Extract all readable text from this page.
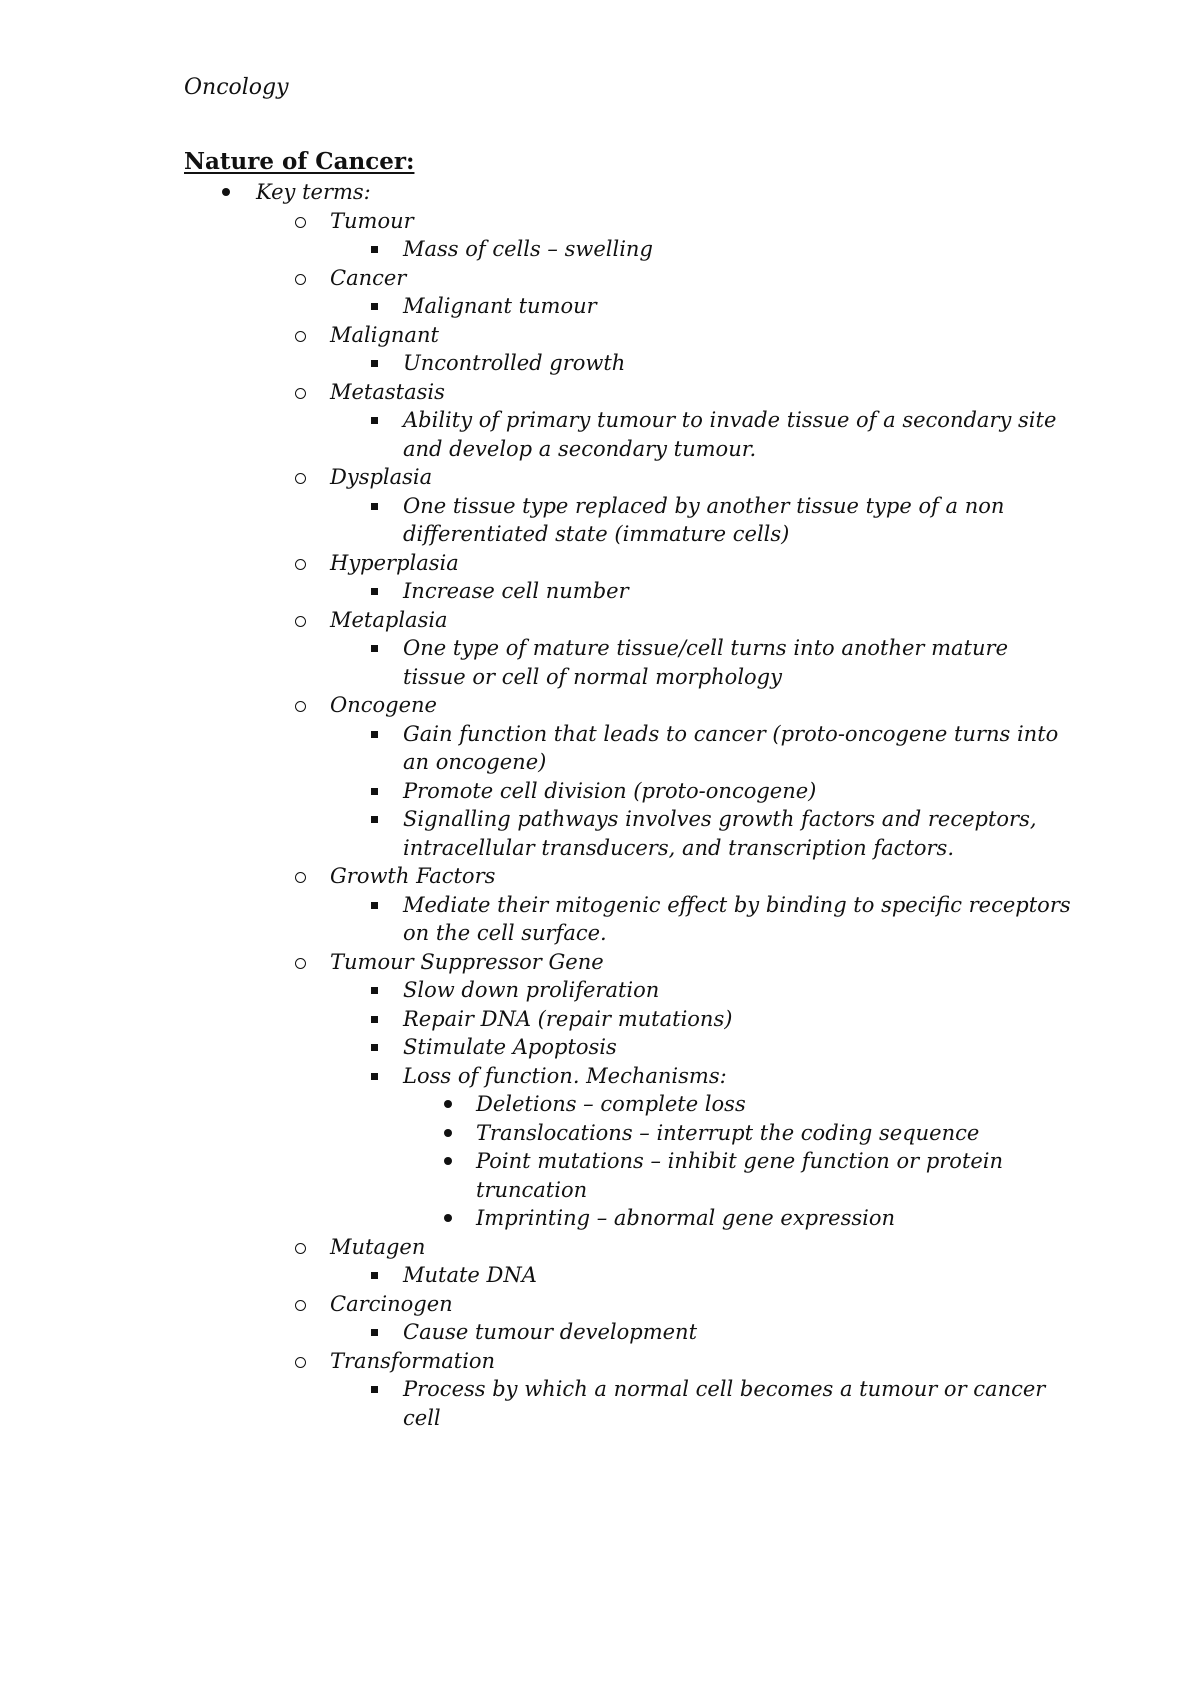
Oncology

Nature of Cancer:

Key terms:
Tumour
Mass of cells – swelling
Cancer
Malignant tumour
Malignant
Uncontrolled growth
Metastasis
Ability of primary tumour to invade tissue of a secondary site
and develop a secondary tumour.
Dysplasia
One tissue type replaced by another tissue type of a non
differentiated state (immature cells)
Hyperplasia
Increase cell number
Metaplasia
One type of mature tissue/cell turns into another mature
tissue or cell of normal morphology
Oncogene
Gain function that leads to cancer (proto-oncogene turns into
an oncogene)
Promote cell division (proto-oncogene)
Signalling pathways involves growth factors and receptors,
intracellular transducers, and transcription factors.
Growth Factors
Mediate their mitogenic effect by binding to specific receptors
on the cell surface.
Tumour Suppressor Gene
Slow down proliferation
Repair DNA (repair mutations)
Stimulate Apoptosis
Loss of function. Mechanisms:
Deletions – complete loss
Translocations – interrupt the coding sequence
Point mutations – inhibit gene function or protein
truncation
Imprinting – abnormal gene expression
Mutagen
Mutate DNA
Carcinogen
Cause tumour development
Transformation
Process by which a normal cell becomes a tumour or cancer
cell
